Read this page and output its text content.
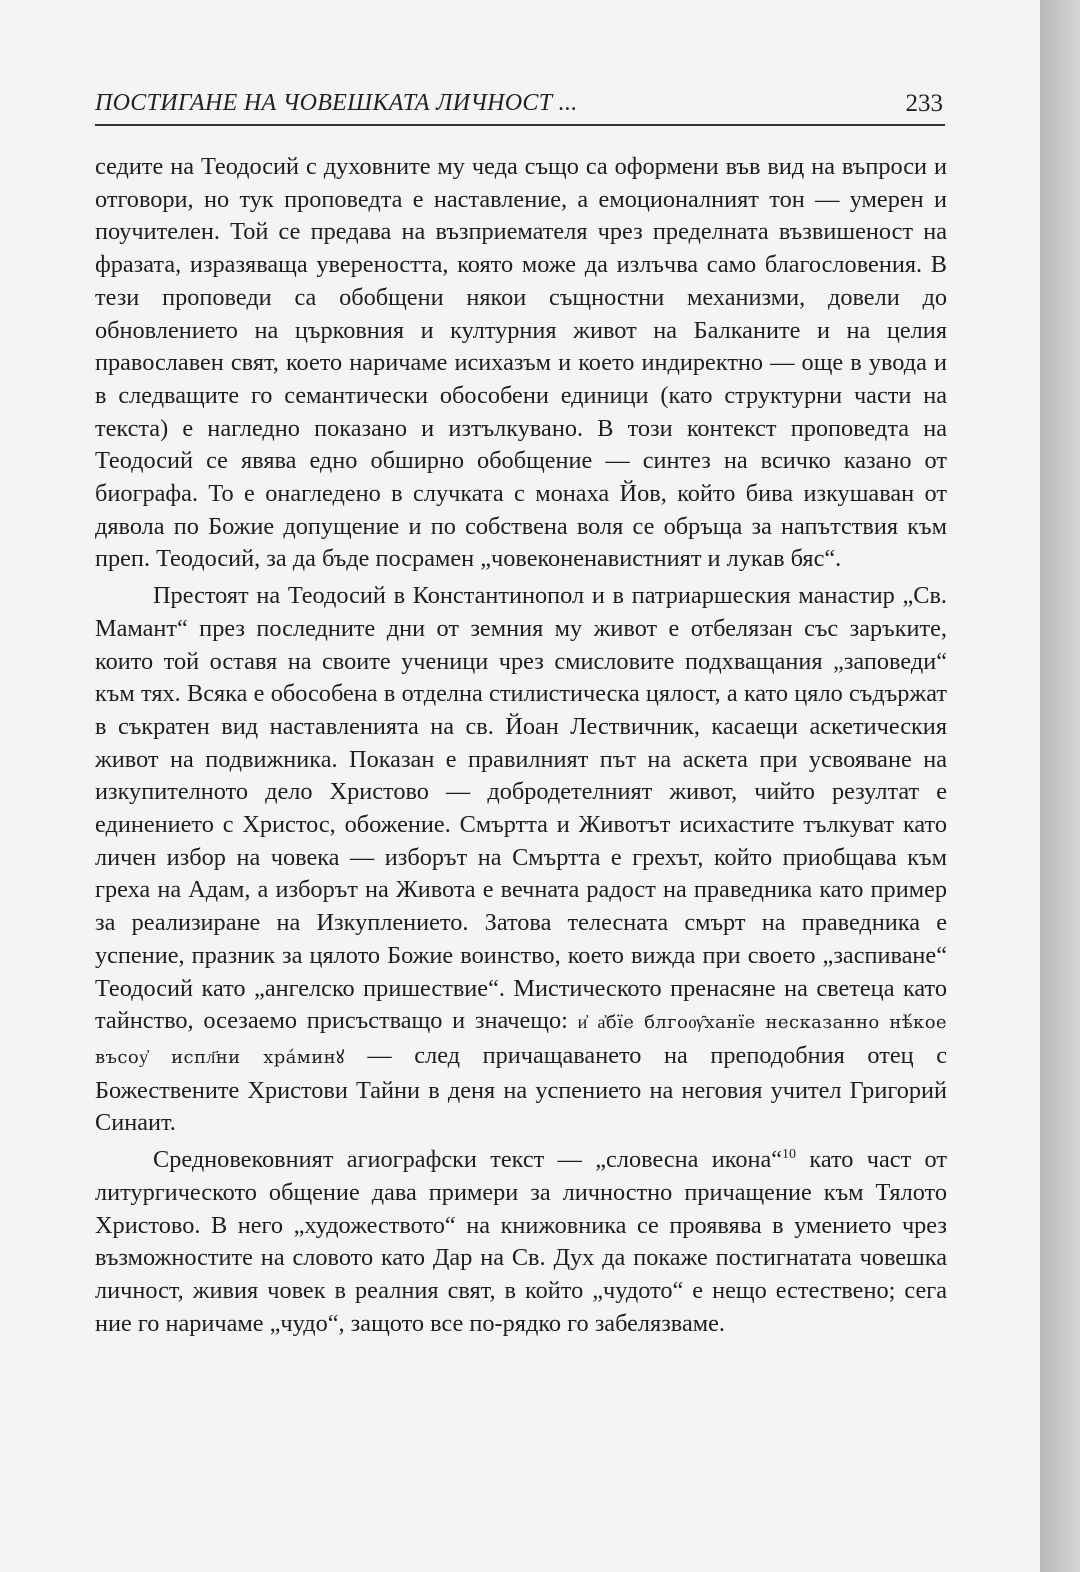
ПОСТИГАНЕ НА ЧОВЕШКАТА ЛИЧНОСТ ...	233

седите на Теодосий с духовните му чеда също са оформени във вид на въпроси и отговори, но тук проповедта е наставление, а емоционалният тон — умерен и поучителен. Той се предава на възприемателя чрез пределната възвишеност на фразата, изразяваща увереността, която може да излъчва само благословения. В тези проповеди са обобщени някои същностни механизми, довели до обновлението на църковния и културния живот на Балканите и на целия православен свят, което наричаме исихазъм и което индиректно — още в увода и в следващите го семантически обособени единици (като структурни части на текста) е нагледно показано и изтълкувано. В този контекст проповедта на Теодосий се явява едно обширно обобщение — синтез на всичко казано от биографа. То е онагледено в случката с монаха Йов, който бива изкушаван от дявола по Божие допущение и по собствена воля се обръща за напътствия към преп. Теодосий, за да бъде посрамен „човеконенавистният и лукав бяс“.

Престоят на Теодосий в Константинопол и в патриаршеския манастир „Св. Мамант“ през последните дни от земния му живот е отбелязан със заръките, които той оставя на своите ученици чрез смисловите подхващания „заповеди“ към тях. Всяка е обособена в отделна стилистическа цялост, а като цяло съдържат в съкратен вид наставленията на св. Йоан Лествичник, касаещи аскетическия живот на подвижника. Показан е правилният път на аскета при усвояване на изкупителното дело Христово — добродетелният живот, чийто резултат е единението с Христос, обожение. Смъртта и Животът исихастите тълкуват като личен избор на човека — изборът на Смъртта е грехът, който приобщава към греха на Адам, а изборът на Живота е вечната радост на праведника като пример за реализиране на Изкуплението. Затова телесната смърт на праведника е успение, празник за цялото Божие воинство, което вижда при своето „заспиване“ Теодосий като „ангелско пришествие“. Мистическото пренасяне на светеца като тайнство, осезаемо присъстващо и значещо: и҆ а҆бїе блгоѹ̑ханїе несказанно нѣ́кое въсоу҆ испл҃ни хра́минꙋ — след причащаването на преподобния отец с Божествените Христови Тайни в деня на успението на неговия учител Григорий Синаит.

Средновековният агиографски текст — „словесна икона“$^{10}$ като част от литургическото общение дава примери за личностно причащение към Тялото Христово. В него „художеството“ на книжовника се проявява в умението чрез възможностите на словото като Дар на Св. Дух да покаже постигнатата човешка личност, живия човек в реалния свят, в който „чудото“ е нещо естествено; сега ние го наричаме „чудо“, защото все по-рядко го забелязваме.
